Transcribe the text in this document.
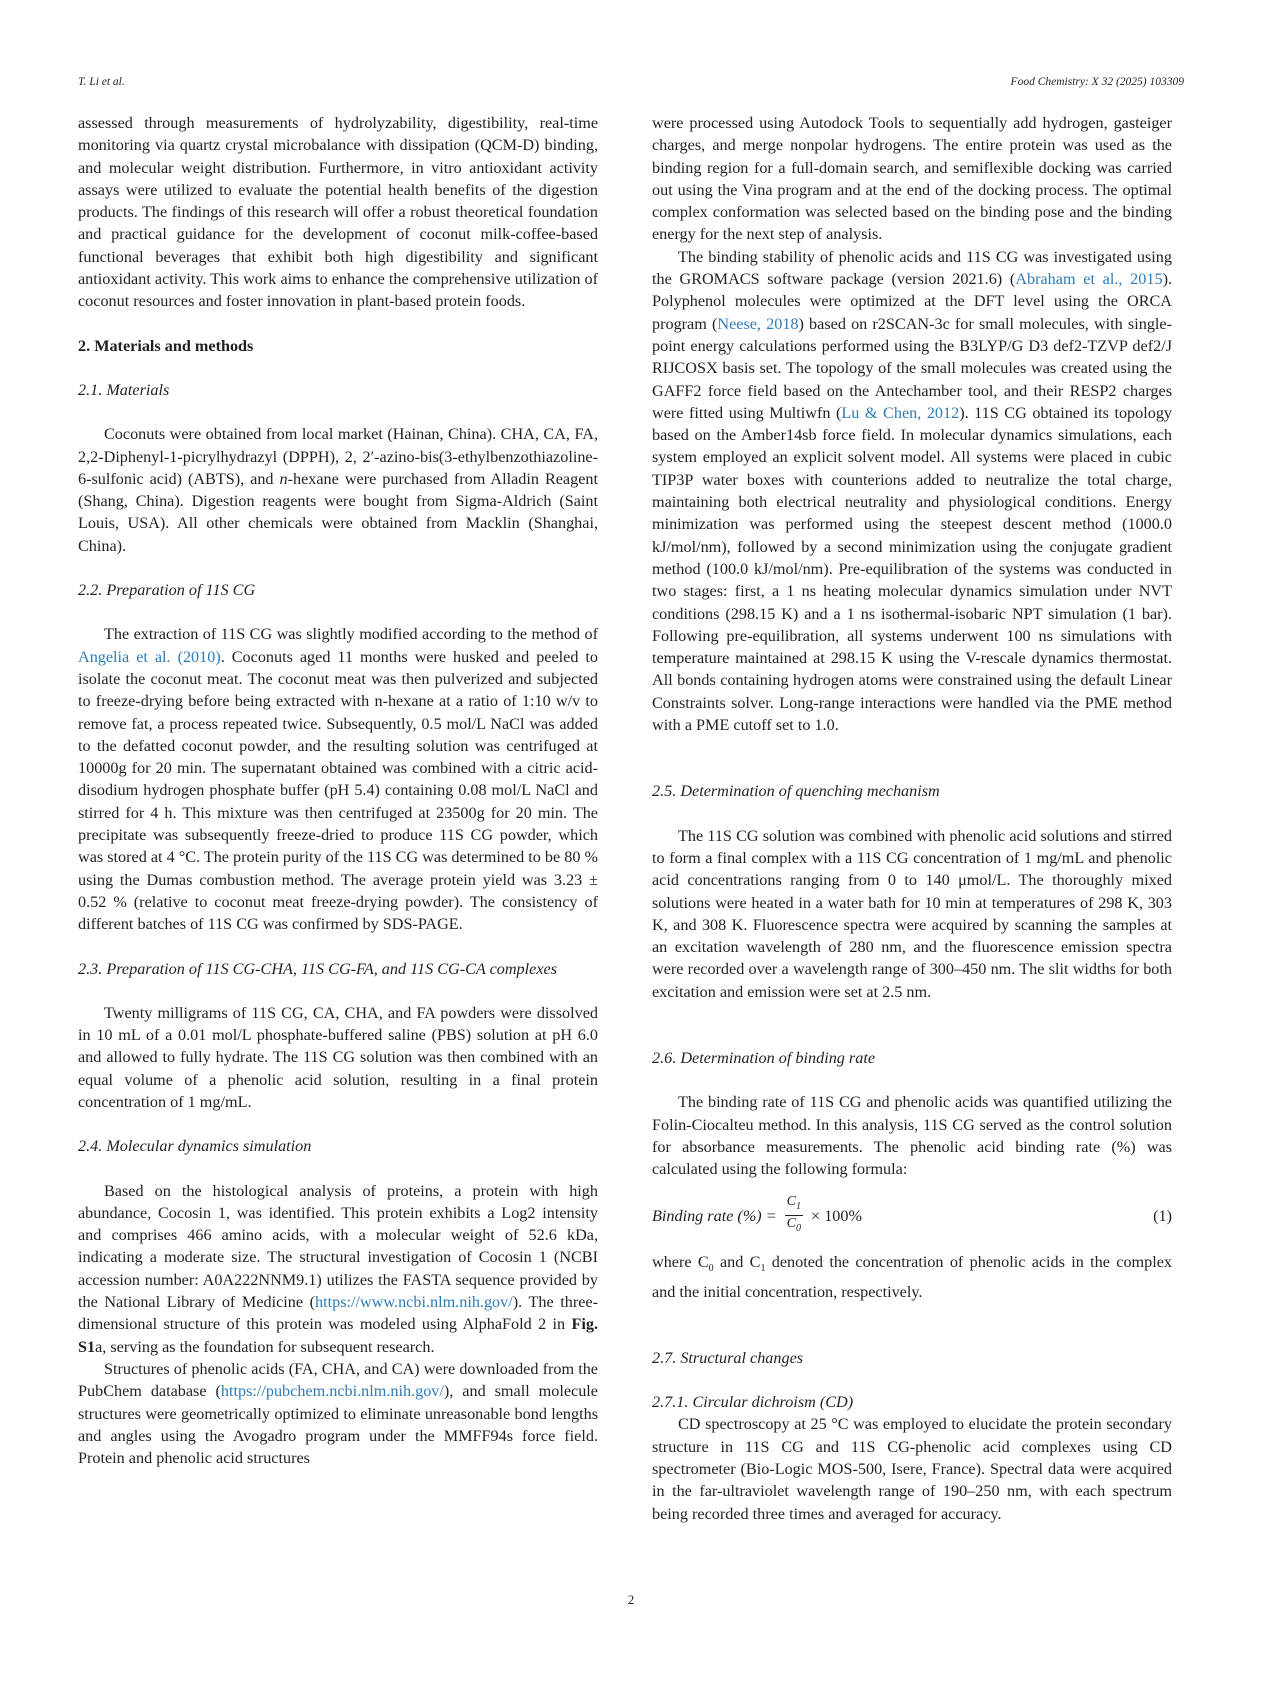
T. Li et al.	Food Chemistry: X 32 (2025) 103309

assessed through measurements of hydrolyzability, digestibility, real-time monitoring via quartz crystal microbalance with dissipation (QCM-D) binding, and molecular weight distribution. Furthermore, in vitro antioxidant activity assays were utilized to evaluate the potential health benefits of the digestion products. The findings of this research will offer a robust theoretical foundation and practical guidance for the development of coconut milk-coffee-based functional beverages that exhibit both high digestibility and significant antioxidant activity. This work aims to enhance the comprehensive utilization of coconut resources and foster innovation in plant-based protein foods.

2. Materials and methods
2.1. Materials

Coconuts were obtained from local market (Hainan, China). CHA, CA, FA, 2,2-Diphenyl-1-picrylhydrazyl (DPPH), 2, 2′-azino-bis(3-ethylbenzothiazoline-6-sulfonic acid) (ABTS), and n-hexane were purchased from Alladin Reagent (Shang, China). Digestion reagents were bought from Sigma-Aldrich (Saint Louis, USA). All other chemicals were obtained from Macklin (Shanghai, China).

2.2. Preparation of 11S CG

The extraction of 11S CG was slightly modified according to the method of Angelia et al. (2010). Coconuts aged 11 months were husked and peeled to isolate the coconut meat. The coconut meat was then pulverized and subjected to freeze-drying before being extracted with n-hexane at a ratio of 1:10 w/v to remove fat, a process repeated twice. Subsequently, 0.5 mol/L NaCl was added to the defatted coconut powder, and the resulting solution was centrifuged at 10000g for 20 min. The supernatant obtained was combined with a citric acid-disodium hydrogen phosphate buffer (pH 5.4) containing 0.08 mol/L NaCl and stirred for 4 h. This mixture was then centrifuged at 23500g for 20 min. The precipitate was subsequently freeze-dried to produce 11S CG powder, which was stored at 4 °C. The protein purity of the 11S CG was determined to be 80 % using the Dumas combustion method. The average protein yield was 3.23 ± 0.52 % (relative to coconut meat freeze-drying powder). The consistency of different batches of 11S CG was confirmed by SDS-PAGE.

2.3. Preparation of 11S CG-CHA, 11S CG-FA, and 11S CG-CA complexes

Twenty milligrams of 11S CG, CA, CHA, and FA powders were dissolved in 10 mL of a 0.01 mol/L phosphate-buffered saline (PBS) solution at pH 6.0 and allowed to fully hydrate. The 11S CG solution was then combined with an equal volume of a phenolic acid solution, resulting in a final protein concentration of 1 mg/mL.

2.4. Molecular dynamics simulation

Based on the histological analysis of proteins, a protein with high abundance, Cocosin 1, was identified. This protein exhibits a Log2 intensity and comprises 466 amino acids, with a molecular weight of 52.6 kDa, indicating a moderate size. The structural investigation of Cocosin 1 (NCBI accession number: A0A222NNM9.1) utilizes the FASTA sequence provided by the National Library of Medicine (https://www.ncbi.nlm.nih.gov/). The three-dimensional structure of this protein was modeled using AlphaFold 2 in Fig. S1a, serving as the foundation for subsequent research.

Structures of phenolic acids (FA, CHA, and CA) were downloaded from the PubChem database (https://pubchem.ncbi.nlm.nih.gov/), and small molecule structures were geometrically optimized to eliminate unreasonable bond lengths and angles using the Avogadro program under the MMFF94s force field. Protein and phenolic acid structures

were processed using Autodock Tools to sequentially add hydrogen, gasteiger charges, and merge nonpolar hydrogens. The entire protein was used as the binding region for a full-domain search, and semiflexible docking was carried out using the Vina program and at the end of the docking process. The optimal complex conformation was selected based on the binding pose and the binding energy for the next step of analysis.

The binding stability of phenolic acids and 11S CG was investigated using the GROMACS software package (version 2021.6) (Abraham et al., 2015). Polyphenol molecules were optimized at the DFT level using the ORCA program (Neese, 2018) based on r2SCAN-3c for small molecules, with single-point energy calculations performed using the B3LYP/G D3 def2-TZVP def2/J RIJCOSX basis set. The topology of the small molecules was created using the GAFF2 force field based on the Antechamber tool, and their RESP2 charges were fitted using Multiwfn (Lu & Chen, 2012). 11S CG obtained its topology based on the Amber14sb force field. In molecular dynamics simulations, each system employed an explicit solvent model. All systems were placed in cubic TIP3P water boxes with counterions added to neutralize the total charge, maintaining both electrical neutrality and physiological conditions. Energy minimization was performed using the steepest descent method (1000.0 kJ/mol/nm), followed by a second minimization using the conjugate gradient method (100.0 kJ/mol/nm). Pre-equilibration of the systems was conducted in two stages: first, a 1 ns heating molecular dynamics simulation under NVT conditions (298.15 K) and a 1 ns isothermal-isobaric NPT simulation (1 bar). Following pre-equilibration, all systems underwent 100 ns simulations with temperature maintained at 298.15 K using the V-rescale dynamics thermostat. All bonds containing hydrogen atoms were constrained using the default Linear Constraints solver. Long-range interactions were handled via the PME method with a PME cutoff set to 1.0.

2.5. Determination of quenching mechanism

The 11S CG solution was combined with phenolic acid solutions and stirred to form a final complex with a 11S CG concentration of 1 mg/mL and phenolic acid concentrations ranging from 0 to 140 μmol/L. The thoroughly mixed solutions were heated in a water bath for 10 min at temperatures of 298 K, 303 K, and 308 K. Fluorescence spectra were acquired by scanning the samples at an excitation wavelength of 280 nm, and the fluorescence emission spectra were recorded over a wavelength range of 300–450 nm. The slit widths for both excitation and emission were set at 2.5 nm.

2.6. Determination of binding rate

The binding rate of 11S CG and phenolic acids was quantified utilizing the Folin-Ciocalteu method. In this analysis, 11S CG served as the control solution for absorbance measurements. The phenolic acid binding rate (%) was calculated using the following formula:

Binding rate (%) = $\frac{C_1}{C_0} \times 100\%$	(1)

where $C_0$ and $C_1$ denoted the concentration of phenolic acids in the complex and the initial concentration, respectively.

2.7. Structural changes
2.7.1. Circular dichroism (CD)

CD spectroscopy at 25 °C was employed to elucidate the protein secondary structure in 11S CG and 11S CG-phenolic acid complexes using CD spectrometer (Bio-Logic MOS-500, Isere, France). Spectral data were acquired in the far-ultraviolet wavelength range of 190–250 nm, with each spectrum being recorded three times and averaged for accuracy.

2
